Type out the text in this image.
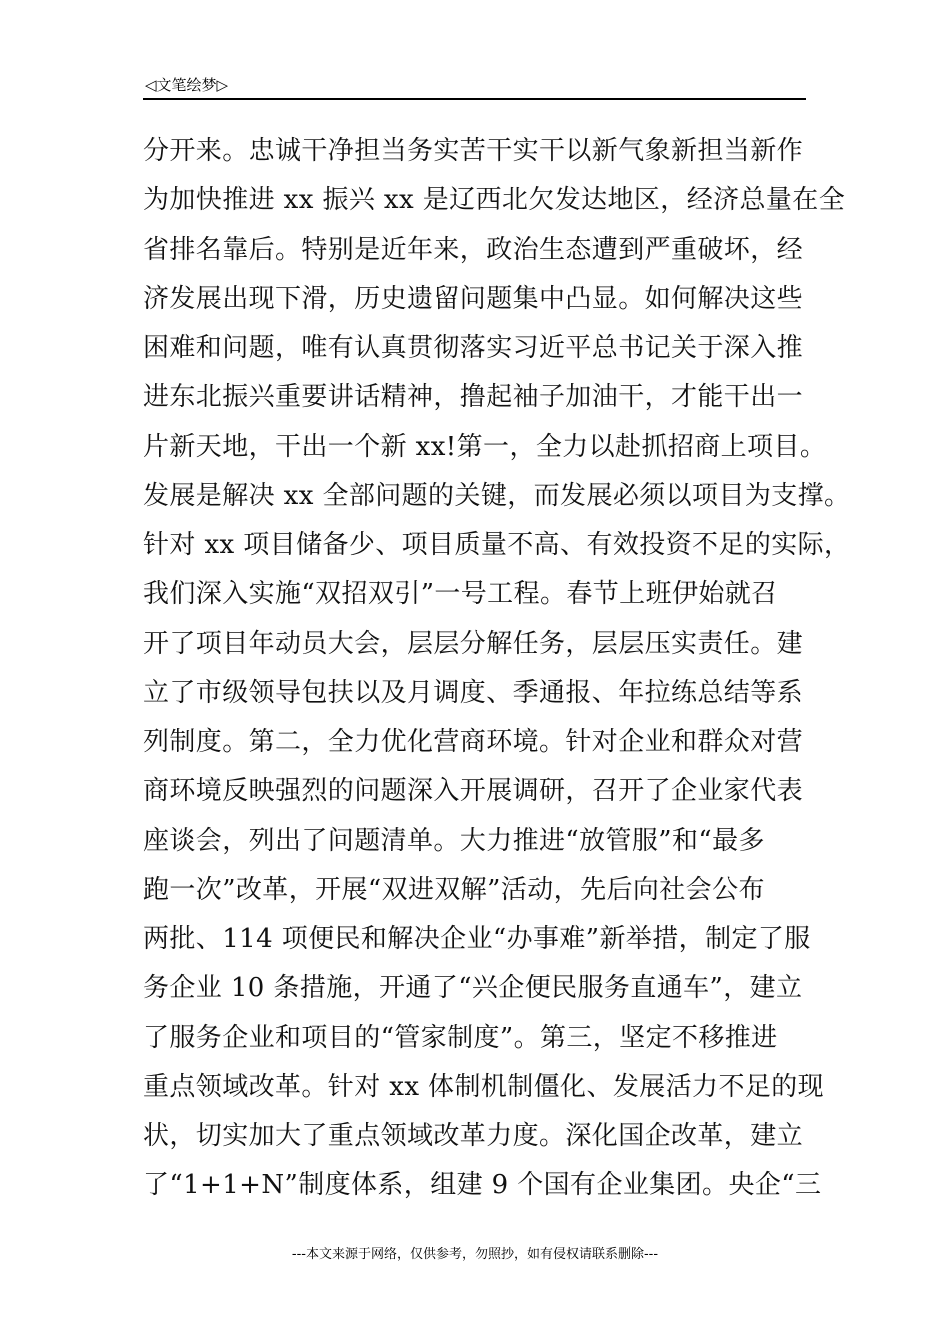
◁文笔绘梦▷
分开来。忠诚干净担当务实苦干实干以新气象新担当新作
为加快推进 xx 振兴 xx 是辽西北欠发达地区，经济总量在全
省排名靠后。特别是近年来，政治生态遭到严重破坏，经
济发展出现下滑，历史遗留问题集中凸显。如何解决这些
困难和问题，唯有认真贯彻落实习近平总书记关于深入推
进东北振兴重要讲话精神，撸起袖子加油干，才能干出一
片新天地，干出一个新 xx!第一，全力以赴抓招商上项目。
发展是解决 xx 全部问题的关键，而发展必须以项目为支撑。
针对 xx 项目储备少、项目质量不高、有效投资不足的实际，
我们深入实施“双招双引”一号工程。春节上班伊始就召
开了项目年动员大会，层层分解任务，层层压实责任。建
立了市级领导包扶以及月调度、季通报、年拉练总结等系
列制度。第二，全力优化营商环境。针对企业和群众对营
商环境反映强烈的问题深入开展调研，召开了企业家代表
座谈会，列出了问题清单。大力推进“放管服”和“最多
跑一次”改革，开展“双进双解”活动，先后向社会公布
两批、114 项便民和解决企业“办事难”新举措，制定了服
务企业 10 条措施，开通了“兴企便民服务直通车”，建立
了服务企业和项目的“管家制度”。第三，坚定不移推进
重点领域改革。针对 xx 体制机制僵化、发展活力不足的现
状，切实加大了重点领域改革力度。深化国企改革，建立
了“1+1+N”制度体系，组建 9 个国有企业集团。央企“三
---本文来源于网络，仅供参考，勿照抄，如有侵权请联系删除---
